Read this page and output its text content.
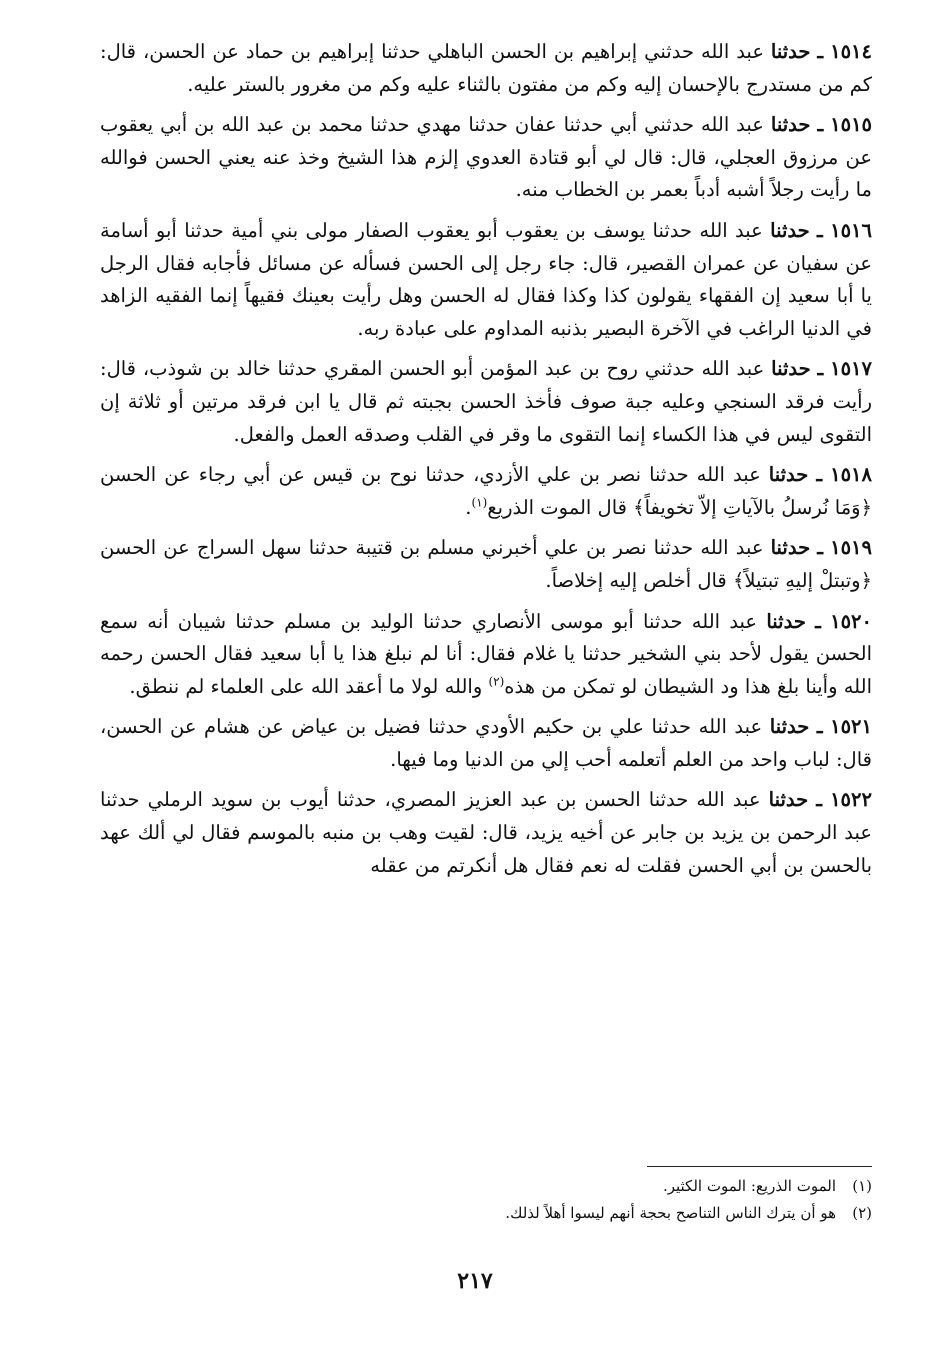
١٥١٤ ـ حدثنا عبد الله حدثني إبراهيم بن الحسن الباهلي حدثنا إبراهيم بن حماد عن الحسن، قال: كم من مستدرج بالإحسان إليه وكم من مفتون بالثناء عليه وكم من مغرور بالستر عليه.

١٥١٥ ـ حدثنا عبد الله حدثني أبي حدثنا عفان حدثنا مهدي حدثنا محمد بن عبد الله بن أبي يعقوب عن مرزوق العجلي، قال: قال لي أبو قتادة العدوي إلزم هذا الشيخ وخذ عنه يعني الحسن فوالله ما رأيت رجلاً أشبه أدباً بعمر بن الخطاب منه.

١٥١٦ ـ حدثنا عبد الله حدثنا يوسف بن يعقوب أبو يعقوب الصفار مولى بني أمية حدثنا أبو أسامة عن سفيان عن عمران القصير، قال: جاء رجل إلى الحسن فسأله عن مسائل فأجابه فقال الرجل يا أبا سعيد إن الفقهاء يقولون كذا وكذا فقال له الحسن وهل رأيت بعينك فقيهاً إنما الفقيه الزاهد في الدنيا الراغب في الآخرة البصير بذنبه المداوم على عبادة ربه.

١٥١٧ ـ حدثنا عبد الله حدثني روح بن عبد المؤمن أبو الحسن المقري حدثنا خالد بن شوذب، قال: رأيت فرقد السنجي وعليه جبة صوف فأخذ الحسن بجبته ثم قال يا ابن فرقد مرتين أو ثلاثة إن التقوى ليس في هذا الكساء إنما التقوى ما وقر في القلب وصدقه العمل والفعل.

١٥١٨ ـ حدثنا عبد الله حدثنا نصر بن علي الأزدي، حدثنا نوح بن قيس عن أبي رجاء عن الحسن ﴿وَمَا نُرسلُ بالآياتِ إلاّ تخويفاً﴾ قال الموت الذريع$^{(١)}$.

١٥١٩ ـ حدثنا عبد الله حدثنا نصر بن علي أخبرني مسلم بن قتيبة حدثنا سهل السراج عن الحسن ﴿وتبتلْ إليهِ تبتيلاً﴾ قال أخلص إليه إخلاصاً.

١٥٢٠ ـ حدثنا عبد الله حدثنا أبو موسى الأنصاري حدثنا الوليد بن مسلم حدثنا شيبان أنه سمع الحسن يقول لأحد بني الشخير حدثنا يا غلام فقال: أنا لم نبلغ هذا يا أبا سعيد فقال الحسن رحمه الله وأينا بلغ هذا ود الشيطان لو تمكن من هذه$^{(٢)}$ والله لولا ما أعقد الله على العلماء لم ننطق.

١٥٢١ ـ حدثنا عبد الله حدثنا علي بن حكيم الأودي حدثنا فضيل بن عياض عن هشام عن الحسن، قال: لباب واحد من العلم أتعلمه أحب إلي من الدنيا وما فيها.

١٥٢٢ ـ حدثنا عبد الله حدثنا الحسن بن عبد العزيز المصري، حدثنا أيوب بن سويد الرملي حدثنا عبد الرحمن بن يزيد بن جابر عن أخيه يزيد، قال: لقيت وهب بن منبه بالموسم فقال لي ألك عهد بالحسن بن أبي الحسن فقلت له نعم فقال هل أنكرتم من عقله

(١)الموت الذريع: الموت الكثير.

(٢)هو أن يترك الناس التناصح بحجة أنهم ليسوا أهلاً لذلك.

٢١٧
